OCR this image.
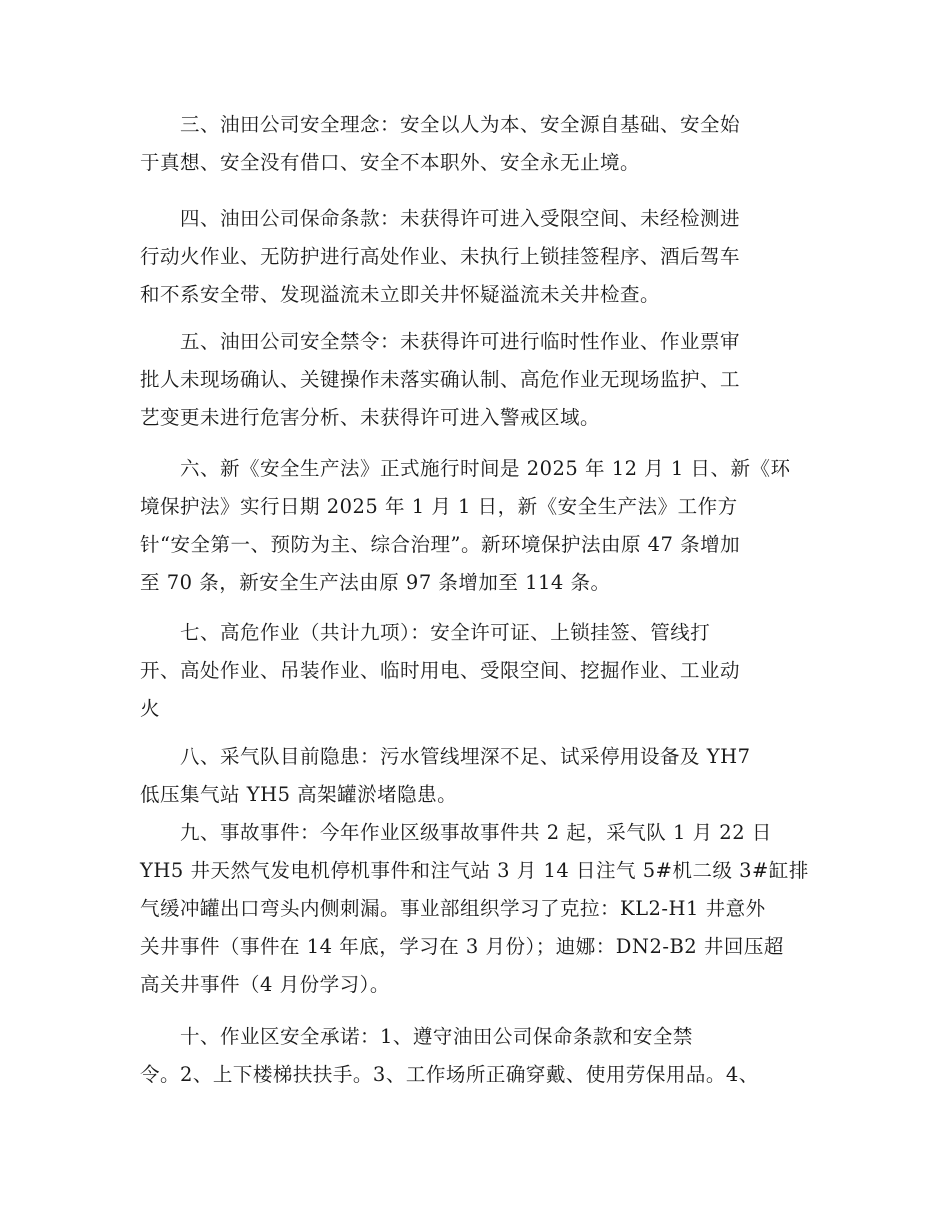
　　三、油田公司安全理念：安全以人为本、安全源自基础、安全始
于真想、安全没有借口、安全不本职外、安全永无止境。
　　四、油田公司保命条款：未获得许可进入受限空间、未经检测进
行动火作业、无防护进行高处作业、未执行上锁挂签程序、酒后驾车
和不系安全带、发现溢流未立即关井怀疑溢流未关井检查。
　　五、油田公司安全禁令：未获得许可进行临时性作业、作业票审
批人未现场确认、关键操作未落实确认制、高危作业无现场监护、工
艺变更未进行危害分析、未获得许可进入警戒区域。
　　六、新《安全生产法》正式施行时间是 2025 年 12 月 1 日、新《环
境保护法》实行日期 2025 年 1 月 1 日，新《安全生产法》工作方
针“安全第一、预防为主、综合治理”。新环境保护法由原 47 条增加
至 70 条，新安全生产法由原 97 条增加至 114 条。
　　七、高危作业（共计九项）：安全许可证、上锁挂签、管线打
开、高处作业、吊装作业、临时用电、受限空间、挖掘作业、工业动
火
　　八、采气队目前隐患：污水管线埋深不足、试采停用设备及 YH7
低压集气站 YH5 高架罐淤堵隐患。
　　九、事故事件：今年作业区级事故事件共 2 起，采气队 1 月 22 日
YH5 井天然气发电机停机事件和注气站 3 月 14 日注气 5#机二级 3#缸排
气缓冲罐出口弯头内侧刺漏。事业部组织学习了克拉：KL2-H1 井意外
关井事件（事件在 14 年底，学习在 3 月份）；迪娜：DN2-B2 井回压超
高关井事件（4 月份学习）。
　　十、作业区安全承诺：1、遵守油田公司保命条款和安全禁
令。2、上下楼梯扶扶手。3、工作场所正确穿戴、使用劳保用品。4、
